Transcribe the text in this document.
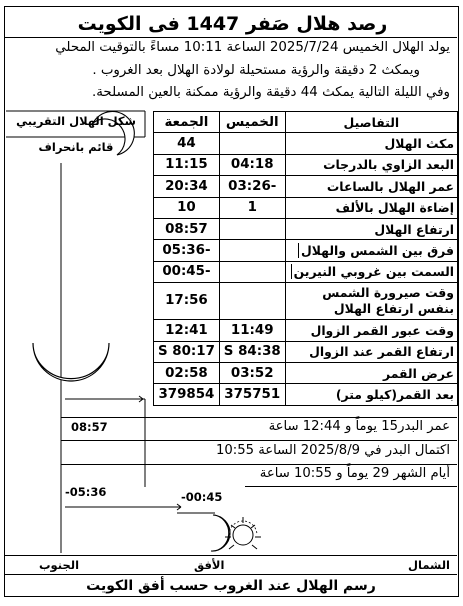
رصد هلال صَفر 1447 فى الكويت
يولد الهلال الخميس 2025/7/24 الساعة 10:11 مساءً بالتوقيت المحلي
ويمكث 2 دقيقة والرؤية مستحيلة لولادة الهلال بعد الغروب .
وفي الليلة التالية يمكث 44 دقيقة والرؤية ممكنة بالعين المسلحة.
التفاصيل	الخميس	الجمعة
مكث الهلال		44
البعد الزاوي بالدرجات	04:18	11:15
عمر الهلال بالساعات	-03:26	20:34
إضاءة الهلال بالألف	1	10
ارتفاع الهلال		08:57
فرق بين الشمس والهلال		-05:36
السمت بين غروبي النيرين		-00:45
وقت صيرورة الشمس بنفس ارتفاع الهلال		17:56
وقت عبور القمر الزوال	11:49	12:41
ارتفاع القمر عند الزوال	84:38 S	80:17 S
عرض القمر	03:52	02:58
بعد القمر(كيلو متر)	375751	379854
عمر البدر15 يوماً و 12:44 ساعة
اكتمال البدر في 2025/8/9 الساعة 10:55
أيام الشهر 29 يوماً و 10:55 ساعة
شكل الهلال التقريبي
قائم بانحراف
08:57
-05:36	-00:45
الشمال
الأفق
الجنوب
رسم الهلال عند الغروب حسب أفق الكويت
